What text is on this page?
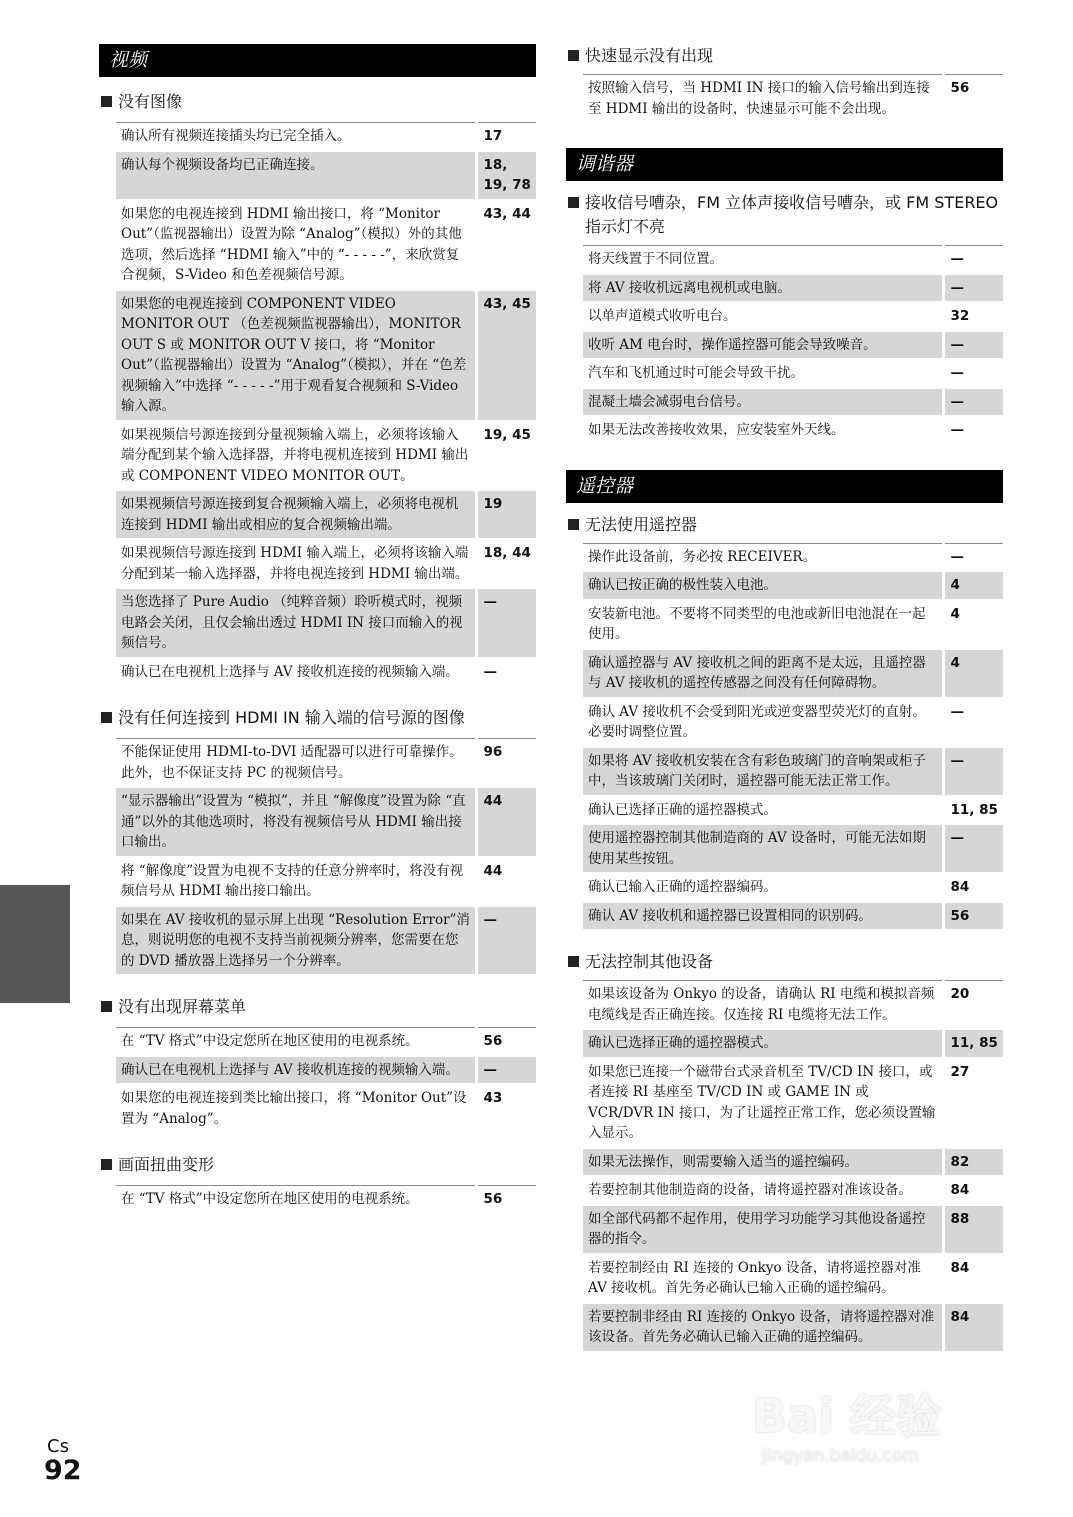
视频
没有图像
确认所有视频连接插头均已完全插入。	17
确认每个视频设备均已正确连接。	18, 19, 78
如果您的电视连接到 HDMI 输出接口，将 “Monitor Out”（监视器输出）设置为除 “Analog”（模拟）外的其他选项，然后选择 “HDMI 输入”中的 “- - - - -”，来欣赏复合视频，S-Video 和色差视频信号源。	43, 44
如果您的电视连接到 COMPONENT VIDEO MONITOR OUT （色差视频监视器输出），MONITOR OUT S 或 MONITOR OUT V 接口，将 “Monitor Out”（监视器输出）设置为 “Analog”（模拟），并在 “色差视频输入”中选择 “- - - - -”用于观看复合视频和 S-Video 输入源。	43, 45
如果视频信号源连接到分量视频输入端上，必须将该输入端分配到某个输入选择器，并将电视机连接到 HDMI 输出或 COMPONENT VIDEO MONITOR OUT。	19, 45
如果视频信号源连接到复合视频输入端上，必须将电视机连接到 HDMI 输出或相应的复合视频输出端。	19
如果视频信号源连接到 HDMI 输入端上，必须将该输入端分配到某一输入选择器，并将电视连接到 HDMI 输出端。	18, 44
当您选择了 Pure Audio （纯粹音频）聆听模式时，视频电路会关闭，且仅会输出透过 HDMI IN 接口而输入的视频信号。	—
确认已在电视机上选择与 AV 接收机连接的视频输入端。	—
没有任何连接到 HDMI IN 输入端的信号源的图像
不能保证使用 HDMI-to-DVI 适配器可以进行可靠操作。此外，也不保证支持 PC 的视频信号。	96
“显示器输出”设置为 “模拟”，并且 “解像度”设置为除 “直通”以外的其他选项时，将没有视频信号从 HDMI 输出接口输出。	44
将 “解像度”设置为电视不支持的任意分辨率时，将没有视频信号从 HDMI 输出接口输出。	44
如果在 AV 接收机的显示屏上出现 “Resolution Error”消息，则说明您的电视不支持当前视频分辨率，您需要在您的 DVD 播放器上选择另一个分辨率。	—
没有出现屏幕菜单
在 “TV 格式”中设定您所在地区使用的电视系统。	56
确认已在电视机上选择与 AV 接收机连接的视频输入端。	—
如果您的电视连接到类比输出接口，将 “Monitor Out”设置为 “Analog”。	43
画面扭曲变形
在 “TV 格式”中设定您所在地区使用的电视系统。	56
快速显示没有出现
按照输入信号，当 HDMI IN 接口的输入信号输出到连接至 HDMI 输出的设备时，快速显示可能不会出现。	56
调谐器
接收信号嘈杂，FM 立体声接收信号嘈杂，或 FM STEREO 指示灯不亮
将天线置于不同位置。	—
将 AV 接收机远离电视机或电脑。	—
以单声道模式收听电台。	32
收听 AM 电台时，操作遥控器可能会导致噪音。	—
汽车和飞机通过时可能会导致干扰。	—
混凝土墙会减弱电台信号。	—
如果无法改善接收效果，应安装室外天线。	—
遥控器
无法使用遥控器
操作此设备前，务必按 RECEIVER。	—
确认已按正确的极性装入电池。	4
安装新电池。不要将不同类型的电池或新旧电池混在一起使用。	4
确认遥控器与 AV 接收机之间的距离不是太远，且遥控器与 AV 接收机的遥控传感器之间没有任何障碍物。	4
确认 AV 接收机不会受到阳光或逆变器型荧光灯的直射。必要时调整位置。	—
如果将 AV 接收机安装在含有彩色玻璃门的音响架或柜子中，当该玻璃门关闭时，遥控器可能无法正常工作。	—
确认已选择正确的遥控器模式。	11, 85
使用遥控器控制其他制造商的 AV 设备时，可能无法如期使用某些按钮。	—
确认已输入正确的遥控器编码。	84
确认 AV 接收机和遥控器已设置相同的识别码。	56
无法控制其他设备
如果该设备为 Onkyo 的设备，请确认 RI 电缆和模拟音频电缆线是否正确连接。仅连接 RI 电缆将无法工作。	20
确认已选择正确的遥控器模式。	11, 85
如果您已连接一个磁带台式录音机至 TV/CD IN 接口，或者连接 RI 基座至 TV/CD IN 或 GAME IN 或 VCR/DVR IN 接口，为了让遥控正常工作，您必须设置输入显示。	27
如果无法操作，则需要输入适当的遥控编码。	82
若要控制其他制造商的设备，请将遥控器对准该设备。	84
如全部代码都不起作用，使用学习功能学习其他设备遥控器的指令。	88
若要控制经由 RI 连接的 Onkyo 设备，请将遥控器对准 AV 接收机。首先务必确认已输入正确的遥控编码。	84
若要控制非经由 RI 连接的 Onkyo 设备，请将遥控器对准该设备。首先务必确认已输入正确的遥控编码。	84
Cs
92
Bai 经验
jingyan.baidu.com
